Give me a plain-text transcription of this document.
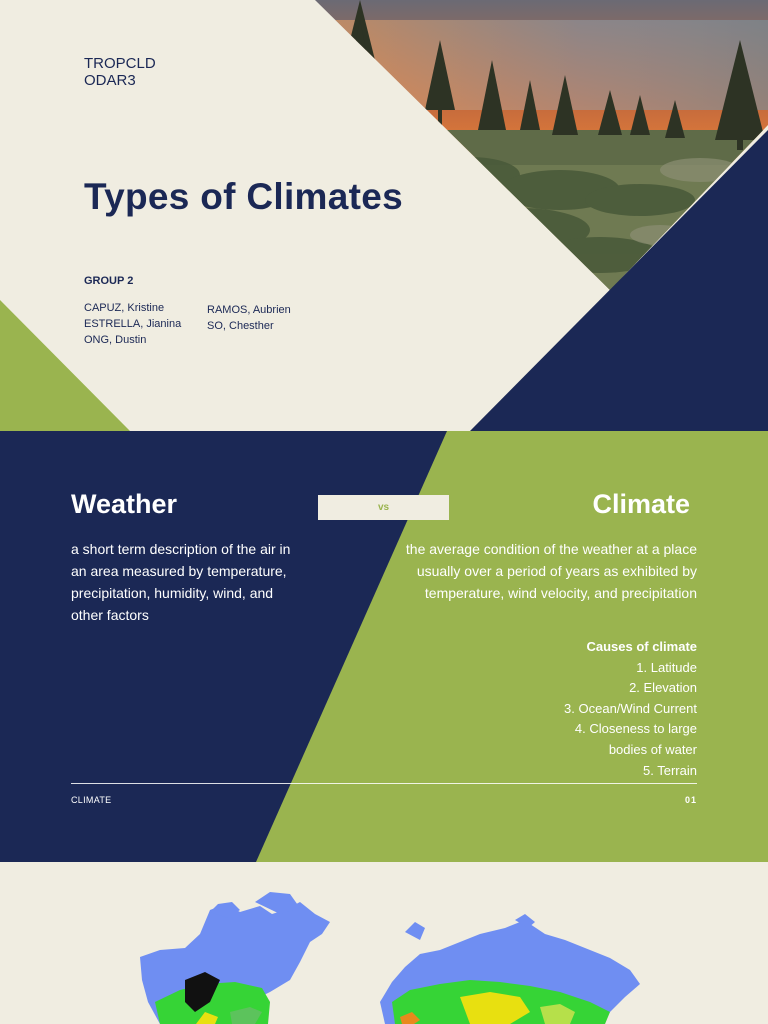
TROPCLD
ODAR3
Types of Climates
GROUP 2
CAPUZ, Kristine
ESTRELLA, Jianina
ONG, Dustin
RAMOS, Aubrien
SO, Chesther
Weather	vs	Climate
a short term description of the air in an area measured by temperature, precipitation, humidity, wind, and other factors
the average condition of the weather at a place usually over a period of years as exhibited by temperature, wind velocity, and precipitation
Causes of climate
1. Latitude
2. Elevation
3. Ocean/Wind Current
4. Closeness to large
bodies of water
5. Terrain
CLIMATE	01
